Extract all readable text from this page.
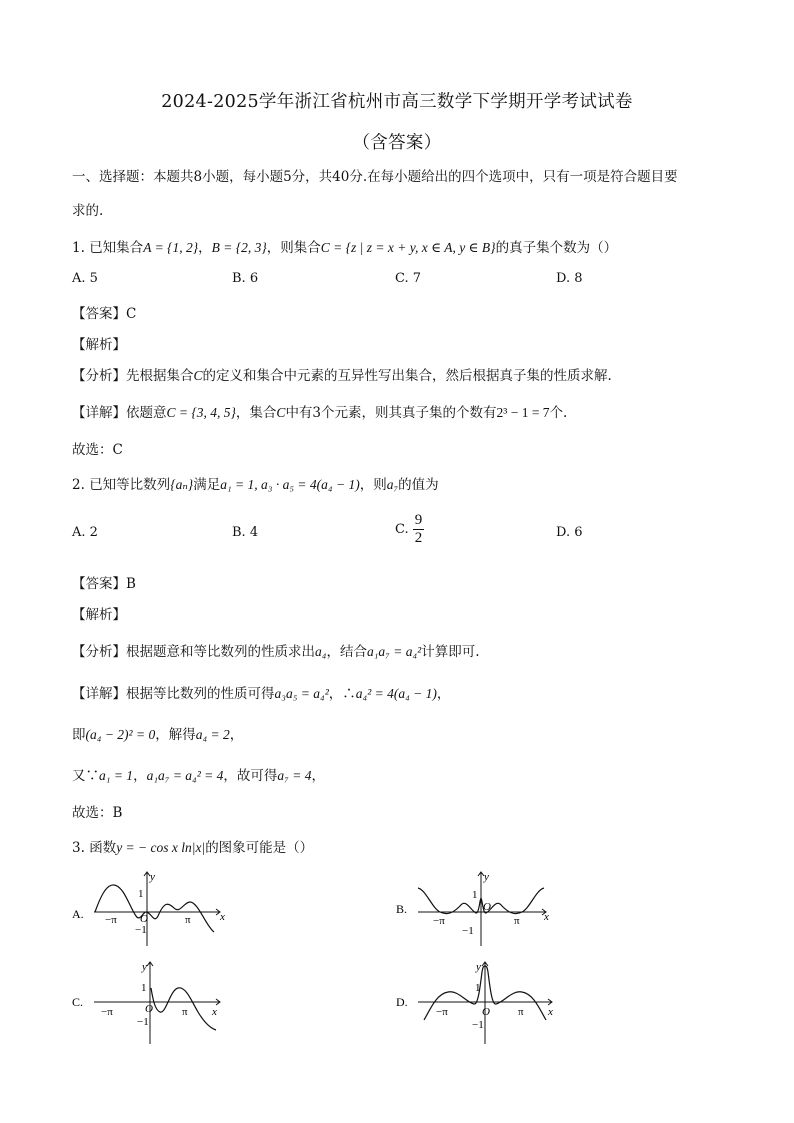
2024-2025学年浙江省杭州市高三数学下学期开学考试试卷
（含答案）
一、选择题：本题共8小题，每小题5分，共40分.在每小题给出的四个选项中，只有一项是符合题目要
求的.
1. 已知集合A = {1, 2}，B = {2, 3}，则集合C = {z | z = x + y, x ∈ A, y ∈ B}的真子集个数为（）
A. 5	B. 6	C. 7	D. 8
【答案】C
【解析】
【分析】先根据集合C的定义和集合中元素的互异性写出集合，然后根据真子集的性质求解.
【详解】依题意C = {3, 4, 5}，集合C中有3个元素，则其真子集的个数有2³ − 1 = 7个.
故选：C
2. 已知等比数列{aₙ}满足a₁ = 1, a₃ · a₅ = 4(a₄ − 1)，则a₇的值为
A. 2	B. 4	C. $\frac{9}{2}$	D. 6
【答案】B
【解析】
【分析】根据题意和等比数列的性质求出a₄，结合a₁a₇ = a₄²计算即可.
【详解】根据等比数列的性质可得a₃a₅ = a₄²，∴a₄² = 4(a₄ − 1)，
即(a₄ − 2)² = 0，解得a₄ = 2，
又∵a₁ = 1，a₁a₇ = a₄² = 4，故可得a₇ = 4，
故选：B
3. 函数y = − cos x ln|x|的图象可能是（）
A.
y
x
1
O
−1
−π	π
B.
y
x
1
O
−1
−π	π
C.
y
x
1
O
−1
−π	π
D.
y
x
1
O
−1
−π	π
